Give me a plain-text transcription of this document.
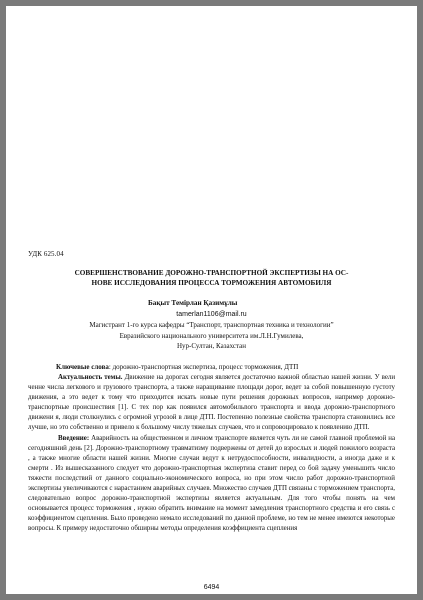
УДК 625.04
СОВЕРШЕНСТВОВАНИЕ ДОРОЖНО-ТРАНСПОРТНОЙ ЭКСПЕРТИЗЫ НА ОС-
НОВЕ ИССЛЕДОВАНИЯ ПРОЦЕССА ТОРМОЖЕНИЯ АВТОМОБИЛЯ
Бақыт Темірлан Қазимұлы
tamerlan1106@mail.ru
Магистрант 1-го курса кафедры “Транспорт, транспортная техника и технологии”
Евразийского национального университета им.Л.Н.Гумилева,
Нур-Султан, Казахстан
Ключевые слова: дорожно-транспортная экспертиза, процесс торможения, ДТП

Актуальность темы. Движение на дорогах сегодня является достаточно важной областью нашей жизни. У вели ченне числа легкового и грузового транспорта, а также наращивание площади дорог, ведет за собой повышенную густоту движения, а это ведет к тому что приходится искать новые пути решения дорожных вопросов, например дорожно-транспортные происшествия [1]. С тех пор как появился автомобильnого транспорта и ввода дорожно-транспортного движени я, люди столкнулись с огромной угрозой в лице ДТП. Постепенно полезные свойства транспорта становились все лучше, но это собственно и привело к большому числу тяжелых случаев, что и сопровоцировало к появлению ДТП.

Введение: Аварийность на общественном и личном транспорте является чуть ли не самой главной проблемой на сегодняшний день [2]. Дорожно-транспортному травматизму подвержены от детей до взрослых и людей пожилого возраста , а также многие области нашей жизни. Многие случаи ведут к нетрудоспособности, инвалидности, а иногда даже и к смерти . Из вышесказанного следует что дорожно-транспортная экспертиза ставит перед со бой задачу уменьшить число тяжести последствий от данного социально-экономического вопроса, но при этом число работ дорожно-транспортной экспертизы увеличиваются с нарастанием аварийных случаев. Множество случаев ДТП связаны с торможением транспорта, следовательно вопрос дорожно-транспортной экспертизы является актуальным. Для того чтобы понять на чем основывается процесс торможения , нужно обратить внимание на момент замедления транспортного средства и его связь с коэффициентом сцепления. Было проведено немало исследований по данной проблеме, но тем не менее имеются некоторые вопросы. К примеру недостаточно обширны методы определения коэффициента сцепления

6494
